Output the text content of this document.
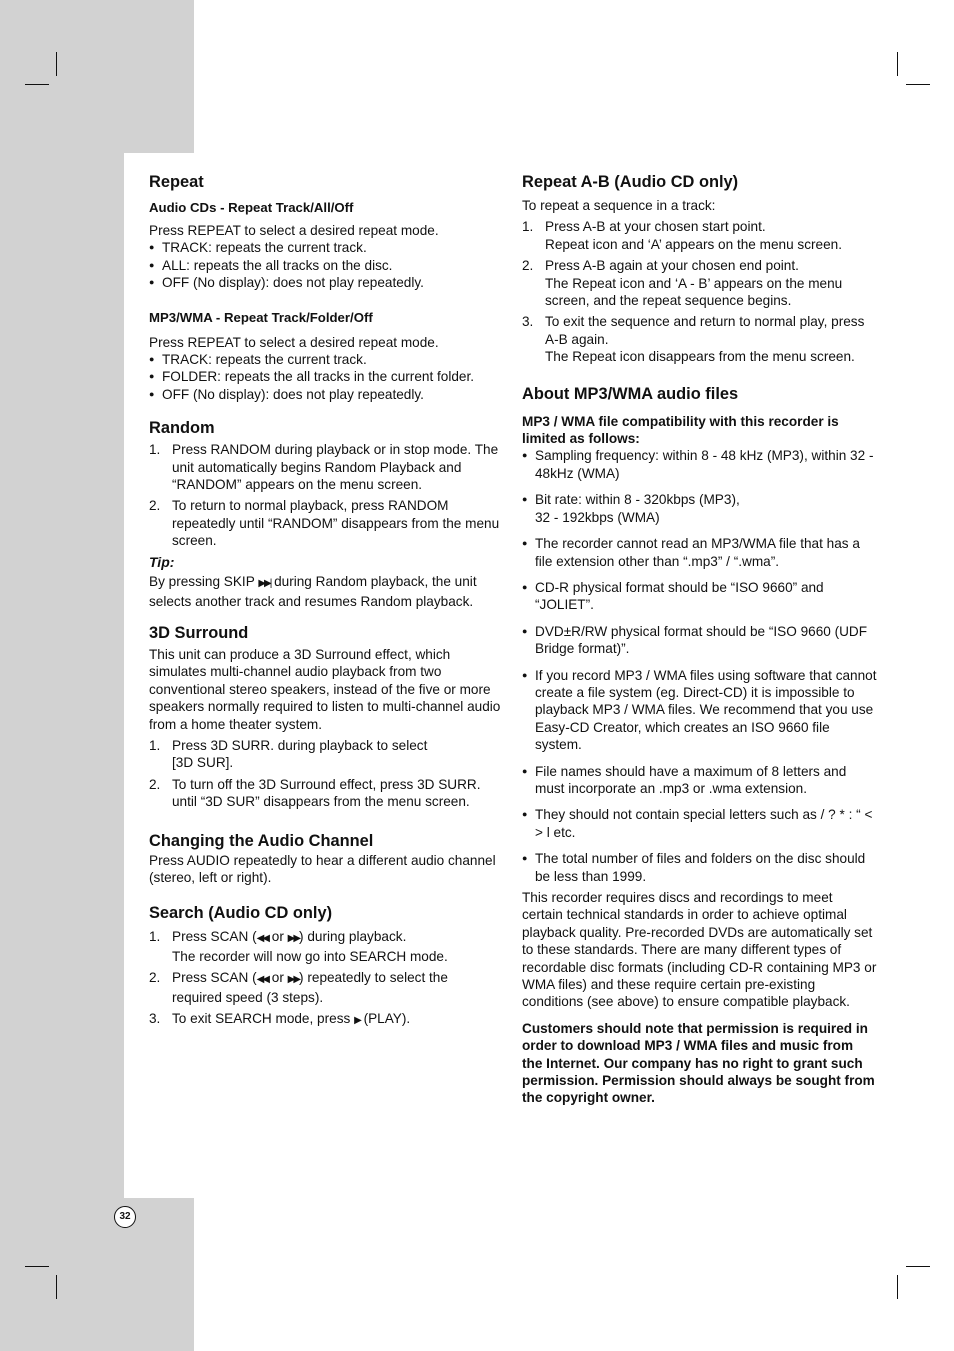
Repeat
Audio CDs - Repeat Track/All/Off

Press REPEAT to select a desired repeat mode.

● TRACK: repeats the current track.
● ALL: repeats the all tracks on the disc.
● OFF (No display): does not play repeatedly.
MP3/WMA - Repeat Track/Folder/Off

Press REPEAT to select a desired repeat mode.

● TRACK: repeats the current track.
● FOLDER: repeats the all tracks in the current folder.
● OFF (No display): does not play repeatedly.
Random
1. Press RANDOM during playback or in stop mode. The unit automatically begins Random Playback and “RANDOM” appears on the menu screen.
2. To return to normal playback, press RANDOM repeatedly until “RANDOM” disappears from the menu screen.
Tip:

By pressing SKIP ▶▶| during Random playback, the unit selects another track and resumes Random playback.

3D Surround

This unit can produce a 3D Surround effect, which simulates multi-channel audio playback from two conventional stereo speakers, instead of the five or more speakers normally required to listen to multi-channel audio from a home theater system.

1. Press 3D SURR. during playback to select
[3D SUR].
2. To turn off the 3D Surround effect, press 3D SURR. until “3D SUR” disappears from the menu screen.
Changing the Audio Channel

Press AUDIO repeatedly to hear a different audio channel (stereo, left or right).

Search (Audio CD only)
1. Press SCAN (◀◀ or ▶▶) during playback.
The recorder will now go into SEARCH mode.
2. Press SCAN (◀◀ or ▶▶) repeatedly to select the required speed (3 steps).
3. To exit SEARCH mode, press ▶ (PLAY).
Repeat A-B (Audio CD only)

To repeat a sequence in a track:

1. Press A-B at your chosen start point.
Repeat icon and ‘A’ appears on the menu screen.
2. Press A-B again at your chosen end point.
The Repeat icon and ‘A - B’ appears on the menu screen, and the repeat sequence begins.
3. To exit the sequence and return to normal play, press A-B again.
The Repeat icon disappears from the menu screen.
About MP3/WMA audio files

MP3 / WMA file compatibility with this recorder is limited as follows:

● Sampling frequency: within 8 - 48 kHz (MP3), within 32 - 48kHz (WMA)
● Bit rate: within 8 - 320kbps (MP3),
32 - 192kbps (WMA)
● The recorder cannot read an MP3/WMA file that has a file extension other than “.mp3” / “.wma”.
● CD-R physical format should be “ISO 9660” and “JOLIET”.
● DVD±R/RW physical format should be “ISO 9660 (UDF Bridge format)”.
● If you record MP3 / WMA files using software that cannot create a file system (eg. Direct-CD) it is impossible to playback MP3 / WMA files. We recommend that you use Easy-CD Creator, which creates an ISO 9660 file system.
● File names should have a maximum of 8 letters and must incorporate an .mp3 or .wma extension.
● They should not contain special letters such as / ? * : “ < > l etc.
● The total number of files and folders on the disc should be less than 1999.

This recorder requires discs and recordings to meet certain technical standards in order to achieve optimal playback quality. Pre-recorded DVDs are automatically set to these standards. There are many different types of recordable disc formats (including CD-R containing MP3 or WMA files) and these require certain pre-existing conditions (see above) to ensure compatible playback.

Customers should note that permission is required in order to download MP3 / WMA files and music from the Internet. Our company has no right to grant such permission. Permission should always be sought from the copyright owner.

32
